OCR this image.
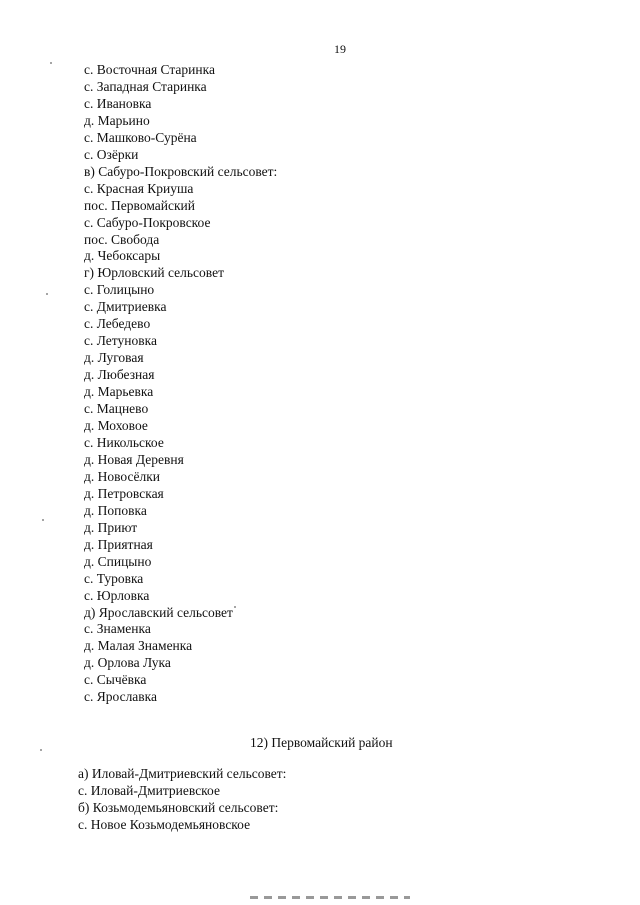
19
с. Восточная Старинка
с. Западная Старинка
с. Ивановка
д. Марьино
с. Машково-Сурёна
с. Озёрки
в) Сабуро-Покровский сельсовет:
с. Красная Криуша
пос. Первомайский
с. Сабуро-Покровское
пос. Свобода
д. Чебоксары
г) Юрловский сельсовет
с. Голицыно
с. Дмитриевка
с. Лебедево
с. Летуновка
д. Луговая
д. Любезная
д. Марьевка
с. Мацнево
д. Моховое
с. Никольское
д. Новая Деревня
д. Новосёлки
д. Петровская
д. Поповка
д. Приют
д. Приятная
д. Спицыно
с. Туровка
с. Юрловка
д) Ярославский сельсовет
с. Знаменка
д. Малая Знаменка
д. Орлова Лука
с. Сычёвка
с. Ярославка
12) Первомайский район
а) Иловай-Дмитриевский сельсовет:
с. Иловай-Дмитриевское
б) Козьмодемьяновский сельсовет:
с. Новое Козьмодемьяновское
